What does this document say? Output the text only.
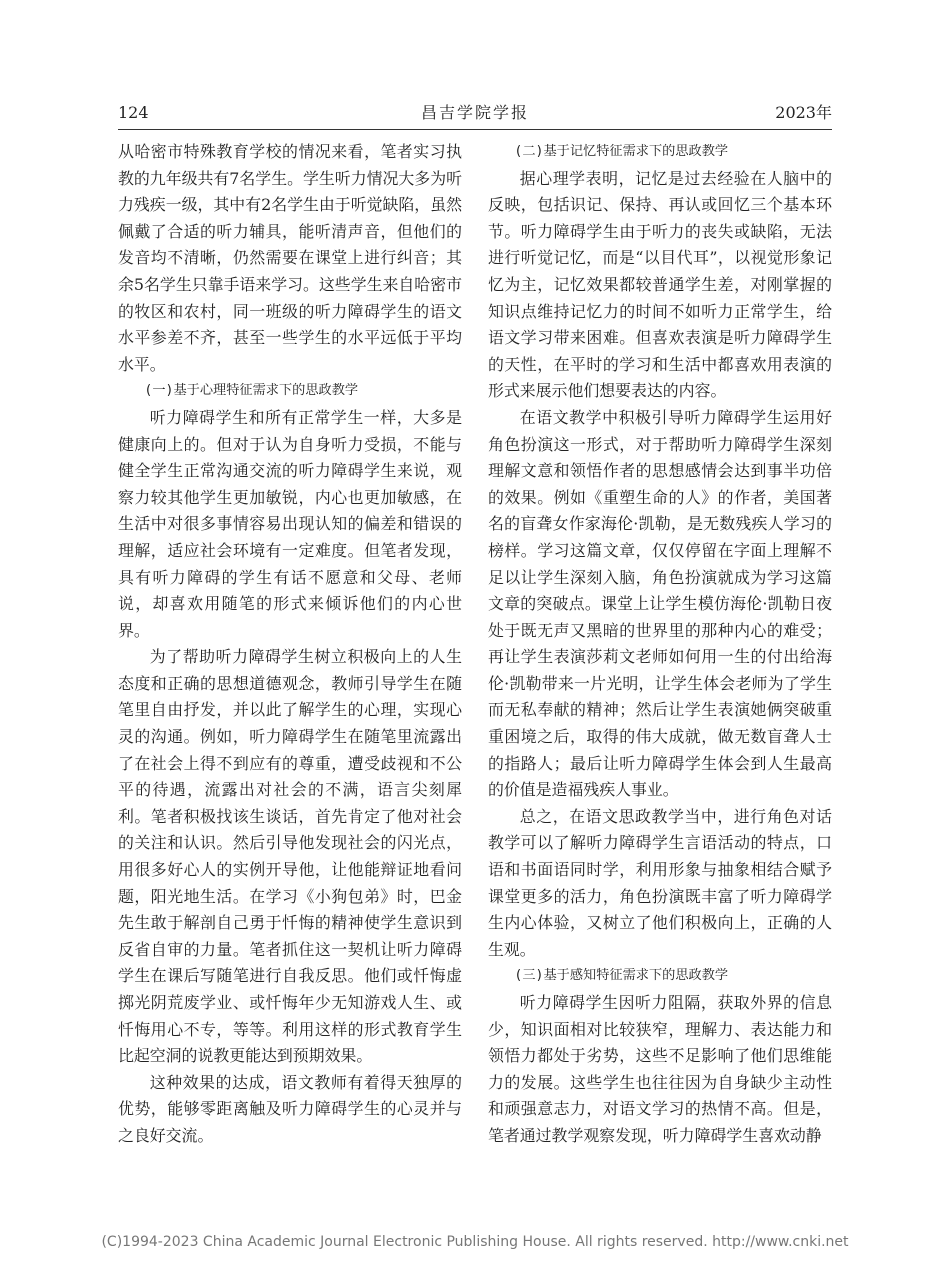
124	昌吉学院学报	2023年

从哈密市特殊教育学校的情况来看，笔者实习执教的九年级共有7名学生。学生听力情况大多为听力残疾一级，其中有2名学生由于听觉缺陷，虽然佩戴了合适的听力辅具，能听清声音，但他们的发音均不清晰，仍然需要在课堂上进行纠音；其余5名学生只靠手语来学习。这些学生来自哈密市的牧区和农村，同一班级的听力障碍学生的语文水平参差不齐，甚至一些学生的水平远低于平均水平。

(一)基于心理特征需求下的思政教学

听力障碍学生和所有正常学生一样，大多是健康向上的。但对于认为自身听力受损，不能与健全学生正常沟通交流的听力障碍学生来说，观察力较其他学生更加敏锐，内心也更加敏感，在生活中对很多事情容易出现认知的偏差和错误的理解，适应社会环境有一定难度。但笔者发现，具有听力障碍的学生有话不愿意和父母、老师说，却喜欢用随笔的形式来倾诉他们的内心世界。

为了帮助听力障碍学生树立积极向上的人生态度和正确的思想道德观念，教师引导学生在随笔里自由抒发，并以此了解学生的心理，实现心灵的沟通。例如，听力障碍学生在随笔里流露出了在社会上得不到应有的尊重，遭受歧视和不公平的待遇，流露出对社会的不满，语言尖刻犀利。笔者积极找该生谈话，首先肯定了他对社会的关注和认识。然后引导他发现社会的闪光点，用很多好心人的实例开导他，让他能辩证地看问题，阳光地生活。在学习《小狗包弟》时，巴金先生敢于解剖自己勇于忏悔的精神使学生意识到反省自审的力量。笔者抓住这一契机让听力障碍学生在课后写随笔进行自我反思。他们或忏悔虚掷光阴荒废学业、或忏悔年少无知游戏人生、或忏悔用心不专，等等。利用这样的形式教育学生比起空洞的说教更能达到预期效果。

这种效果的达成，语文教师有着得天独厚的优势，能够零距离触及听力障碍学生的心灵并与之良好交流。

(二)基于记忆特征需求下的思政教学

据心理学表明，记忆是过去经验在人脑中的反映，包括识记、保持、再认或回忆三个基本环节。听力障碍学生由于听力的丧失或缺陷，无法进行听觉记忆，而是“以目代耳”，以视觉形象记忆为主，记忆效果都较普通学生差，对刚掌握的知识点维持记忆力的时间不如听力正常学生，给语文学习带来困难。但喜欢表演是听力障碍学生的天性，在平时的学习和生活中都喜欢用表演的形式来展示他们想要表达的内容。

在语文教学中积极引导听力障碍学生运用好角色扮演这一形式，对于帮助听力障碍学生深刻理解文意和领悟作者的思想感情会达到事半功倍的效果。例如《重塑生命的人》的作者，美国著名的盲聋女作家海伦·凯勒，是无数残疾人学习的榜样。学习这篇文章，仅仅停留在字面上理解不足以让学生深刻入脑，角色扮演就成为学习这篇文章的突破点。课堂上让学生模仿海伦·凯勒日夜处于既无声又黑暗的世界里的那种内心的难受；再让学生表演莎莉文老师如何用一生的付出给海伦·凯勒带来一片光明，让学生体会老师为了学生而无私奉献的精神；然后让学生表演她俩突破重重困境之后，取得的伟大成就，做无数盲聋人士的指路人；最后让听力障碍学生体会到人生最高的价值是造福残疾人事业。

总之，在语文思政教学当中，进行角色对话教学可以了解听力障碍学生言语活动的特点，口语和书面语同时学，利用形象与抽象相结合赋予课堂更多的活力，角色扮演既丰富了听力障碍学生内心体验，又树立了他们积极向上，正确的人生观。

(三)基于感知特征需求下的思政教学

听力障碍学生因听力阻隔，获取外界的信息少，知识面相对比较狭窄，理解力、表达能力和领悟力都处于劣势，这些不足影响了他们思维能力的发展。这些学生也往往因为自身缺少主动性和顽强意志力，对语文学习的热情不高。但是，笔者通过教学观察发现，听力障碍学生喜欢动静

(C)1994-2023 China Academic Journal Electronic Publishing House. All rights reserved. http://www.cnki.net
